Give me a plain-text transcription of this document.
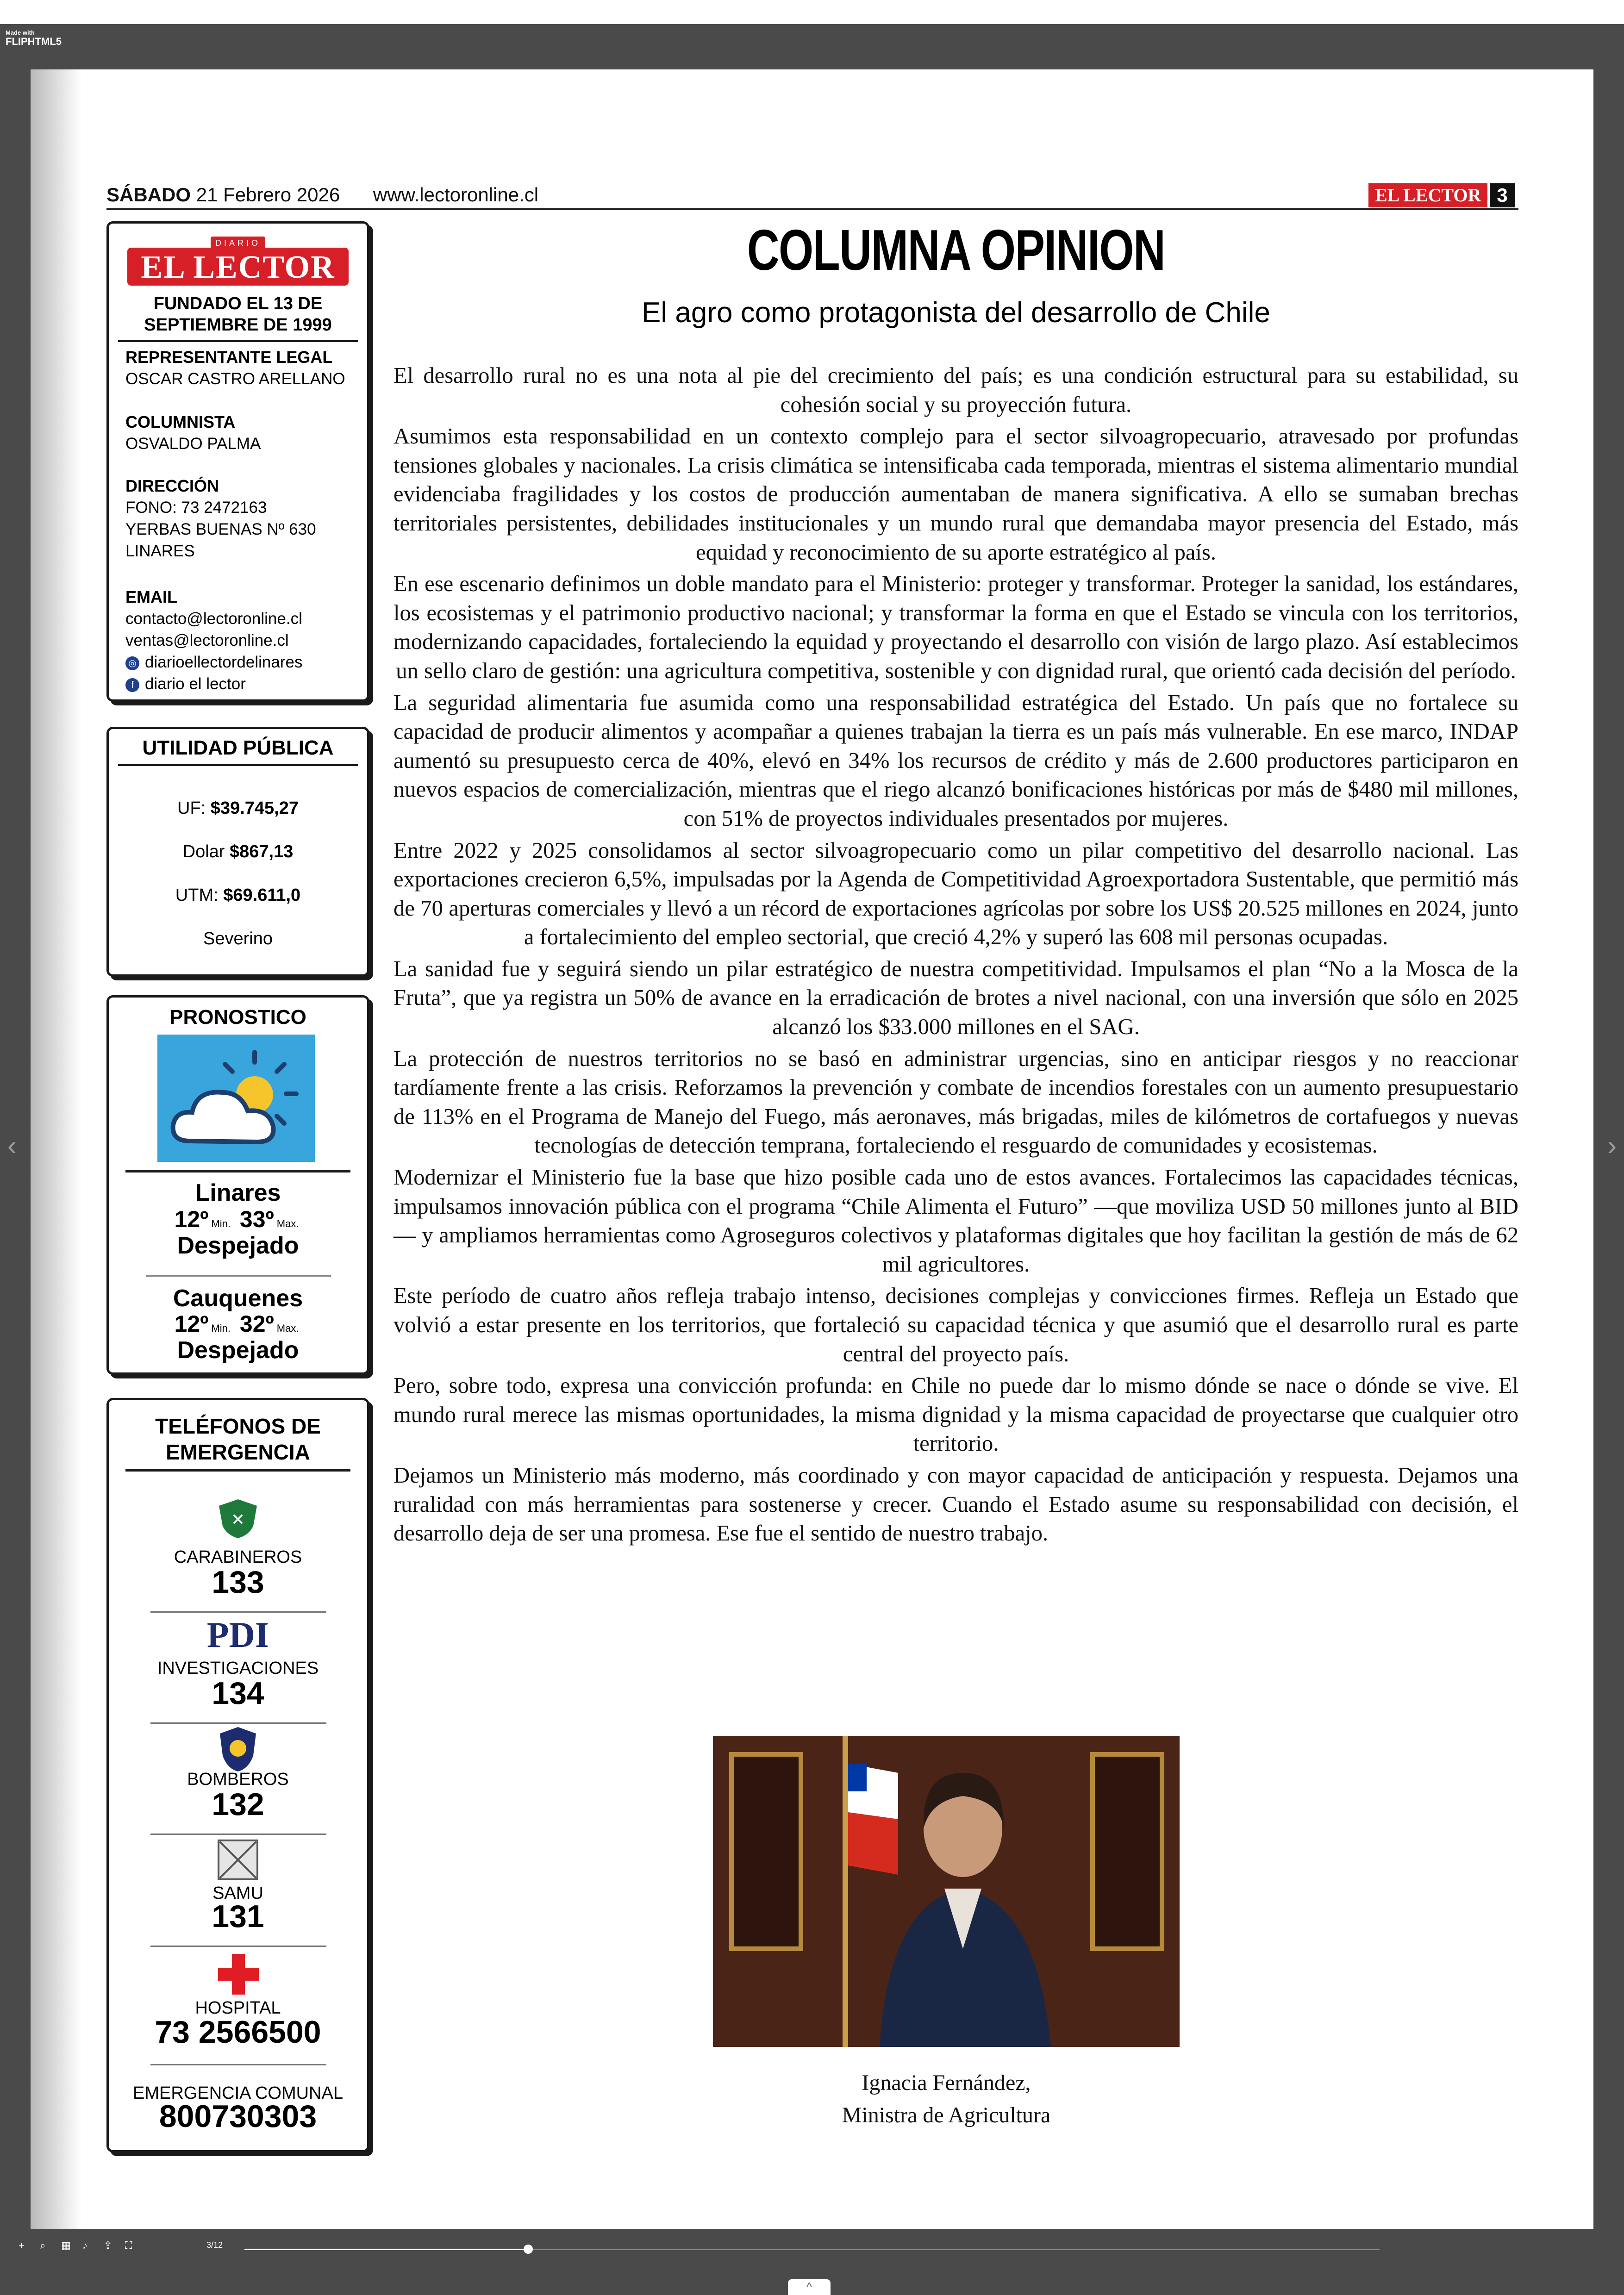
Made with
FLIPHTML5
‹	›
SÁBADO 21 Febrero 2026 www.lectoronline.cl	EL LECTOR 3
EL LECTOR
DIARIO
FUNDADO EL 13 DE SEPTIEMBRE DE 1999
REPRESENTANTE LEGAL
OSCAR CASTRO ARELLANO
COLUMNISTA
OSVALDO PALMA
DIRECCIÓN
FONO: 73 2472163
YERBAS BUENAS Nº 630
LINARES
EMAIL
contacto@lectoronline.cl
ventas@lectoronline.cl
◎ diarioellectordelinares
f diario el lector
UTILIDAD PÚBLICA
UF: $39.745,27
Dolar $867,13
UTM: $69.611,0
Severino
PRONOSTICO
Linares
12º Min. 33º Max.
Despejado
Cauquenes
12º Min. 32º Max.
Despejado
TELÉFONOS DE EMERGENCIA
✕
CARABINEROS
133
PDI
INVESTIGACIONES
134
BOMBEROS
132
SAMU
131
HOSPITAL
73 2566500
EMERGENCIA COMUNAL
800730303
COLUMNA OPINION
El agro como protagonista del desarrollo de Chile

El desarrollo rural no es una nota al pie del crecimiento del país; es una condición estructural para su estabilidad, su cohesión social y su proyección futura.

Asumimos esta responsabilidad en un contexto complejo para el sector silvoagropecuario, atravesado por profundas tensiones globales y nacionales. La crisis climática se intensificaba cada temporada, mientras el sistema alimentario mundial evidenciaba fragilidades y los costos de producción aumentaban de manera significativa. A ello se sumaban brechas territoriales persistentes, debilidades institucionales y un mundo rural que demandaba mayor presencia del Estado, más equidad y reconocimiento de su aporte estratégico al país.

En ese escenario definimos un doble mandato para el Ministerio: proteger y transformar. Proteger la sanidad, los estándares, los ecosistemas y el patrimonio productivo nacional; y transformar la forma en que el Estado se vincula con los territorios, modernizando capacidades, fortaleciendo la equidad y proyectando el desarrollo con visión de largo plazo. Así establecimos un sello claro de gestión: una agricultura competitiva, sostenible y con dignidad rural, que orientó cada decisión del período.

La seguridad alimentaria fue asumida como una responsabilidad estratégica del Estado. Un país que no fortalece su capacidad de producir alimentos y acompañar a quienes trabajan la tierra es un país más vulnerable. En ese marco, INDAP aumentó su presupuesto cerca de 40%, elevó en 34% los recursos de crédito y más de 2.600 productores participaron en nuevos espacios de comercialización, mientras que el riego alcanzó bonificaciones históricas por más de $480 mil millones, con 51% de proyectos individuales presentados por mujeres.

Entre 2022 y 2025 consolidamos al sector silvoagropecuario como un pilar competitivo del desarrollo nacional. Las exportaciones crecieron 6,5%, impulsadas por la Agenda de Competitividad Agroexportadora Sustentable, que permitió más de 70 aperturas comerciales y llevó a un récord de exportaciones agrícolas por sobre los US$ 20.525 millones en 2024, junto a fortalecimiento del empleo sectorial, que creció 4,2% y superó las 608 mil personas ocupadas.

La sanidad fue y seguirá siendo un pilar estratégico de nuestra competitividad. Impulsamos el plan “No a la Mosca de la Fruta”, que ya registra un 50% de avance en la erradicación de brotes a nivel nacional, con una inversión que sólo en 2025 alcanzó los $33.000 millones en el SAG.

La protección de nuestros territorios no se basó en administrar urgencias, sino en anticipar riesgos y no reaccionar tardíamente frente a las crisis. Reforzamos la prevención y combate de incendios forestales con un aumento presupuestario de 113% en el Programa de Manejo del Fuego, más aeronaves, más brigadas, miles de kilómetros de cortafuegos y nuevas tecnologías de detección temprana, fortaleciendo el resguardo de comunidades y ecosistemas.

Modernizar el Ministerio fue la base que hizo posible cada uno de estos avances. Fortalecimos las capacidades técnicas, impulsamos innovación pública con el programa “Chile Alimenta el Futuro” —que moviliza USD 50 millones junto al BID— y ampliamos herramientas como Agroseguros colectivos y plataformas digitales que hoy facilitan la gestión de más de 62 mil agricultores.

Este período de cuatro años refleja trabajo intenso, decisiones complejas y convicciones firmes. Refleja un Estado que volvió a estar presente en los territorios, que fortaleció su capacidad técnica y que asumió que el desarrollo rural es parte central del proyecto país.

Pero, sobre todo, expresa una convicción profunda: en Chile no puede dar lo mismo dónde se nace o dónde se vive. El mundo rural merece las mismas oportunidades, la misma dignidad y la misma capacidad de proyectarse que cualquier otro territorio.

Dejamos un Ministerio más moderno, más coordinado y con mayor capacidad de anticipación y respuesta. Dejamos una ruralidad con más herramientas para sostenerse y crecer. Cuando el Estado asume su responsabilidad con decisión, el desarrollo deja de ser una promesa. Ese fue el sentido de nuestro trabajo.

Ignacia Fernández,
Ministra de Agricultura
+ ⌕ ▦ ♪ ⇪ ⛶	3/12
^
